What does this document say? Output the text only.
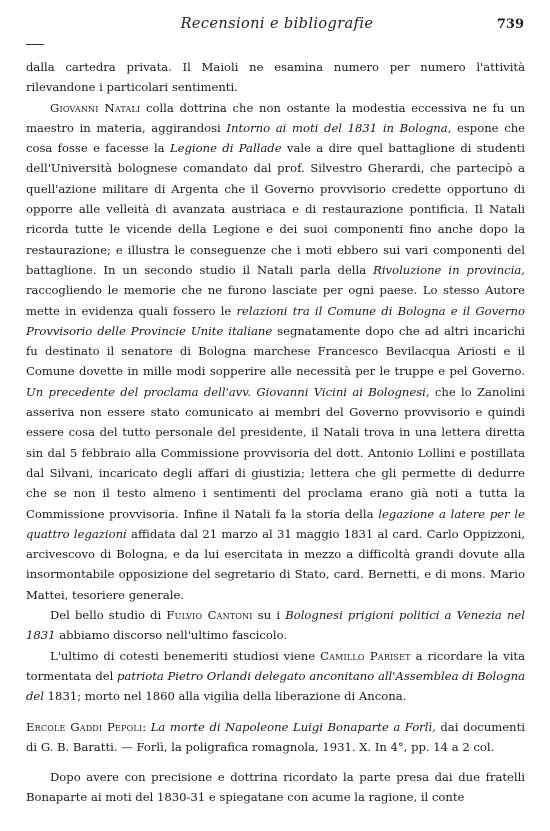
Recensioni e bibliografie	739

dalla cartedra privata. Il Maioli ne esamina numero per numero l'attività rilevandone i particolari sentimenti.

Giovanni Natali colla dottrina che non ostante la modestia eccessiva ne fu un maestro in materia, aggirandosi Intorno ai moti del 1831 in Bologna, espone che cosa fosse e facesse la Legione di Pallade vale a dire quel battaglione di studenti dell'Università bolognese comandato dal prof. Silvestro Gherardi, che partecipò a quell'azione militare di Argenta che il Governo provvisorio credette opportuno di opporre alle velleità di avanzata austriaca e di restaurazione pontificia. Il Natali ricorda tutte le vicende della Legione e dei suoi componenti fino anche dopo la restaurazione; e illustra le conseguenze che i moti ebbero sui vari componenti del battaglione. In un secondo studio il Natali parla della Rivoluzione in provincia, raccogliendo le memorie che ne furono lasciate per ogni paese. Lo stesso Autore mette in evidenza quali fossero le relazioni tra il Comune di Bologna e il Governo Provvisorio delle Provincie Unite italiane segnatamente dopo che ad altri incarichi fu destinato il senatore di Bologna marchese Francesco Bevilacqua Ariosti e il Comune dovette in mille modi sopperire alle necessità per le truppe e pel Governo. Un precedente del proclama dell'avv. Giovanni Vicini ai Bolognesi, che lo Zanolini asseriva non essere stato comunicato ai membri del Governo provvisorio e quindi essere cosa del tutto personale del presidente, il Natali trova in una lettera diretta sin dal 5 febbraio alla Commissione provvisoria del dott. Antonio Lollini e postillata dal Silvani, incaricato degli affari di giustizia; lettera che gli permette di dedurre che se non il testo almeno i sentimenti del proclama erano già noti a tutta la Commissione provvisoria. Infine il Natali fa la storia della legazione a latere per le quattro legazioni affidata dal 21 marzo al 31 maggio 1831 al card. Carlo Oppizzoni, arcivescovo di Bologna, e da lui esercitata in mezzo a difficoltà grandi dovute alla insormontabile opposizione del segretario di Stato, card. Bernetti, e di mons. Mario Mattei, tesoriere generale.

Del bello studio di Fulvio Cantoni su i Bolognesi prigioni politici a Venezia nel 1831 abbiamo discorso nell'ultimo fascicolo.

L'ultimo di cotesti benemeriti studiosi viene Camillo Pariset a ricordare la vita tormentata del patriota Pietro Orlandi delegato anconitano all'Assemblea di Bologna del 1831; morto nel 1860 alla vigilia della liberazione di Ancona.

Ercole Gaddi Pepoli: La morte di Napoleone Luigi Bonaparte a Forlì, dai documenti di G. B. Baratti. — Forlì, la poligrafica romagnola, 1931. X. In 4°, pp. 14 a 2 col.

Dopo avere con precisione e dottrina ricordato la parte presa dai due fratelli Bonaparte ai moti del 1830-31 e spiegatane con acume la ragione, il conte
